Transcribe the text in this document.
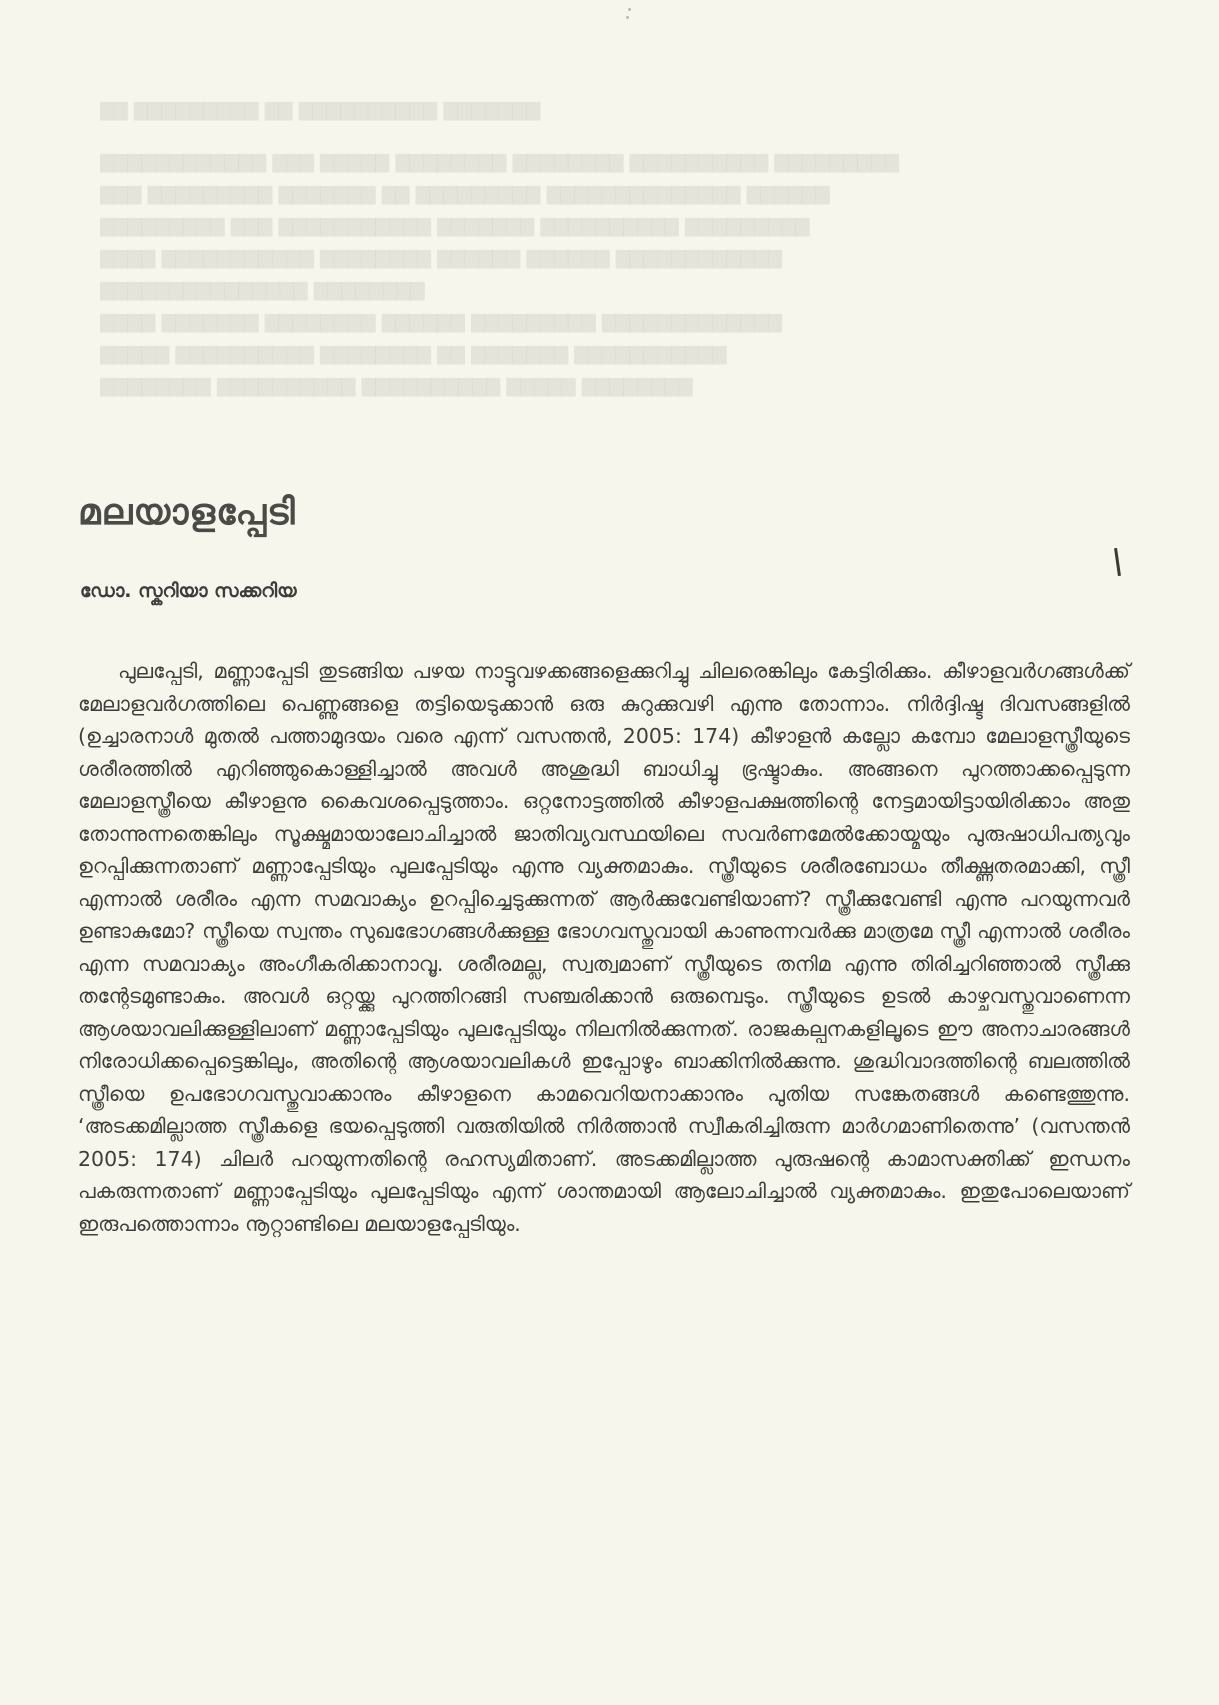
▇▇ ▇▇▇▇▇▇▇▇▇ ▇▇ ▇▇▇▇▇▇▇▇▇▇ ▇▇▇▇▇▇▇
▇▇▇▇▇▇▇▇▇▇▇▇ ▇▇▇ ▇▇▇▇▇ ▇▇▇▇▇▇▇▇ ▇▇▇▇▇▇▇▇ ▇▇▇▇▇▇▇▇▇▇ ▇▇▇▇▇▇▇▇▇
▇▇▇ ▇▇▇▇▇▇▇▇▇ ▇▇▇▇▇▇▇ ▇▇ ▇▇▇▇▇▇▇▇▇ ▇▇▇▇▇▇▇▇▇▇▇▇▇▇ ▇▇▇▇▇▇
▇▇▇▇▇▇▇▇▇ ▇▇▇ ▇▇▇▇▇▇▇▇▇▇▇ ▇▇▇▇▇▇▇ ▇▇▇▇▇▇▇▇▇▇ ▇▇▇▇▇▇▇▇▇
▇▇▇▇ ▇▇▇▇▇▇▇▇▇▇▇ ▇▇▇▇▇▇▇▇ ▇▇▇▇▇▇ ▇▇▇▇▇▇ ▇▇▇▇▇▇▇▇▇▇▇▇
▇▇▇▇▇▇▇▇▇▇▇▇▇▇▇ ▇▇▇▇▇▇▇▇
▇▇▇▇ ▇▇▇▇▇▇▇ ▇▇▇▇▇▇▇▇ ▇▇▇▇▇▇ ▇▇▇▇▇▇▇▇▇ ▇▇▇▇▇▇▇▇▇▇▇▇▇
▇▇▇▇▇ ▇▇▇▇▇▇▇▇▇▇ ▇▇▇▇▇▇▇▇ ▇▇ ▇▇▇▇▇▇▇ ▇▇▇▇▇▇▇▇▇▇▇
▇▇▇▇▇▇▇▇ ▇▇▇▇▇▇▇▇▇▇ ▇▇▇▇▇▇▇▇▇▇ ▇▇▇▇▇ ▇▇▇▇▇▇▇▇
മലയാളപ്പേടി
ഡോ. സ്കറിയാ സക്കറിയ

പുലപ്പേടി, മണ്ണാപ്പേടി തുടങ്ങിയ പഴയ നാട്ടുവഴക്കങ്ങളെക്കുറിച്ചു ചിലരെങ്കിലും കേട്ടിരിക്കും. കീഴാളവർഗങ്ങൾക്ക് മേലാളവർഗത്തിലെ പെണ്ണുങ്ങളെ തട്ടിയെടുക്കാൻ ഒരു കുറുക്കുവഴി എന്നു തോന്നാം. നിർദ്ദിഷ്ട ദിവസങ്ങളിൽ (ഉച്ചാരനാൾ മുതൽ പത്താമുദയം വരെ എന്ന് വസന്തൻ, 2005: 174) കീഴാളൻ കല്ലോ കമ്പോ മേലാളസ്ത്രീയുടെ ശരീരത്തിൽ എറിഞ്ഞുകൊള്ളിച്ചാൽ അവൾ അശുദ്ധി ബാധിച്ചു ഭ്രഷ്ടാകും. അങ്ങനെ പുറത്താക്കപ്പെടുന്ന മേലാളസ്ത്രീയെ കീഴാളനു കൈവശപ്പെടുത്താം. ഒറ്റനോട്ടത്തിൽ കീഴാളപക്ഷത്തിന്റെ നേട്ടമായിട്ടായിരിക്കാം അതു തോന്നുന്നതെങ്കിലും സൂക്ഷ്മമായാലോചിച്ചാൽ ജാതിവ്യവസ്ഥയിലെ സവർണമേൽക്കോയ്മയും പുരുഷാധിപത്യവും ഉറപ്പിക്കുന്നതാണ് മണ്ണാപ്പേടിയും പുലപ്പേടിയും എന്നു വ്യക്തമാകും. സ്ത്രീയുടെ ശരീരബോധം തീക്ഷ്ണതരമാക്കി, സ്ത്രീ എന്നാൽ ശരീരം എന്ന സമവാക്യം ഉറപ്പിച്ചെടുക്കുന്നത് ആർക്കുവേണ്ടിയാണ്? സ്ത്രീക്കുവേണ്ടി എന്നു പറയുന്നവർ ഉണ്ടാകുമോ? സ്ത്രീയെ സ്വന്തം സുഖഭോഗങ്ങൾക്കുള്ള ഭോഗവസ്തുവായി കാണുന്നവർക്കു മാത്രമേ സ്ത്രീ എന്നാൽ ശരീരം എന്ന സമവാക്യം അംഗീകരിക്കാനാവൂ. ശരീരമല്ല, സ്വത്വമാണ് സ്ത്രീയുടെ തനിമ എന്നു തിരിച്ചറിഞ്ഞാൽ സ്ത്രീക്കു തന്റേടമുണ്ടാകും. അവൾ ഒറ്റയ്ക്കു പുറത്തിറങ്ങി സഞ്ചരിക്കാൻ ഒരുമ്പെടും. സ്ത്രീയുടെ ഉടൽ കാഴ്ചവസ്തുവാണെന്ന ആശയാവലിക്കുള്ളിലാണ് മണ്ണാപ്പേടിയും പുലപ്പേടിയും നിലനിൽക്കുന്നത്. രാജകല്പനകളിലൂടെ ഈ അനാചാരങ്ങൾ നിരോധിക്കപ്പെട്ടെങ്കിലും, അതിന്റെ ആശയാവലികൾ ഇപ്പോഴും ബാക്കിനിൽക്കുന്നു. ശുദ്ധിവാദത്തിന്റെ ബലത്തിൽ സ്ത്രീയെ ഉപഭോഗവസ്തുവാക്കാനും കീഴാളനെ കാമവെറിയനാക്കാനും പുതിയ സങ്കേതങ്ങൾ കണ്ടെത്തുന്നു. ‘അടക്കമില്ലാത്ത സ്ത്രീകളെ ഭയപ്പെടുത്തി വരുതിയിൽ നിർത്താൻ സ്വീകരിച്ചിരുന്ന മാർഗമാണിതെന്നു’ (വസന്തൻ 2005: 174) ചിലർ പറയുന്നതിന്റെ രഹസ്യമിതാണ്. അടക്കമില്ലാത്ത പുരുഷന്റെ കാമാസക്തിക്ക് ഇന്ധനം പകരുന്നതാണ് മണ്ണാപ്പേടിയും പുലപ്പേടിയും എന്ന് ശാന്തമായി ആലോചിച്ചാൽ വ്യക്തമാകും. ഇതുപോലെയാണ് ഇരുപത്തൊന്നാം നൂറ്റാണ്ടിലെ മലയാളപ്പേടിയും.
